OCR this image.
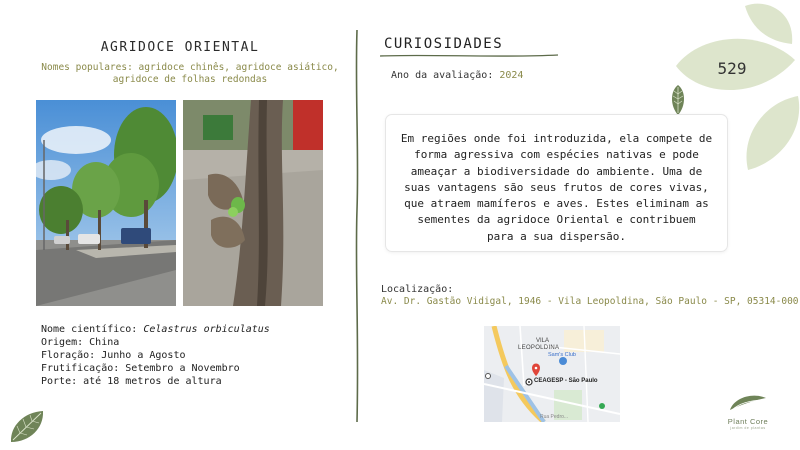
529
AGRIDOCE ORIENTAL
Nomes populares: agridoce chinês, agridoce asiático,
agridoce de folhas redondas
Nome científico: Celastrus orbiculatus
Origem: China
Floração: Junho a Agosto
Frutificação: Setembro a Novembro
Porte: até 18 metros de altura
CURIOSIDADES
Ano da avaliação: 2024
Em regiões onde foi introduzida, ela compete de
forma agressiva com espécies nativas e pode
ameaçar a biodiversidade do ambiente. Uma de
suas vantagens são seus frutos de cores vivas,
que atraem mamíferos e aves. Estes eliminam as
sementes da agridoce Oriental e contribuem
para a sua dispersão.
Localização:
Av. Dr. Gastão Vidigal, 1946 - Vila Leopoldina, São Paulo - SP, 05314-000
VILA
LEOPOLDINA
Sam's Club
CEAGESP - São Paulo
Rua Pedro...	Plant Core
jardim de plantas
